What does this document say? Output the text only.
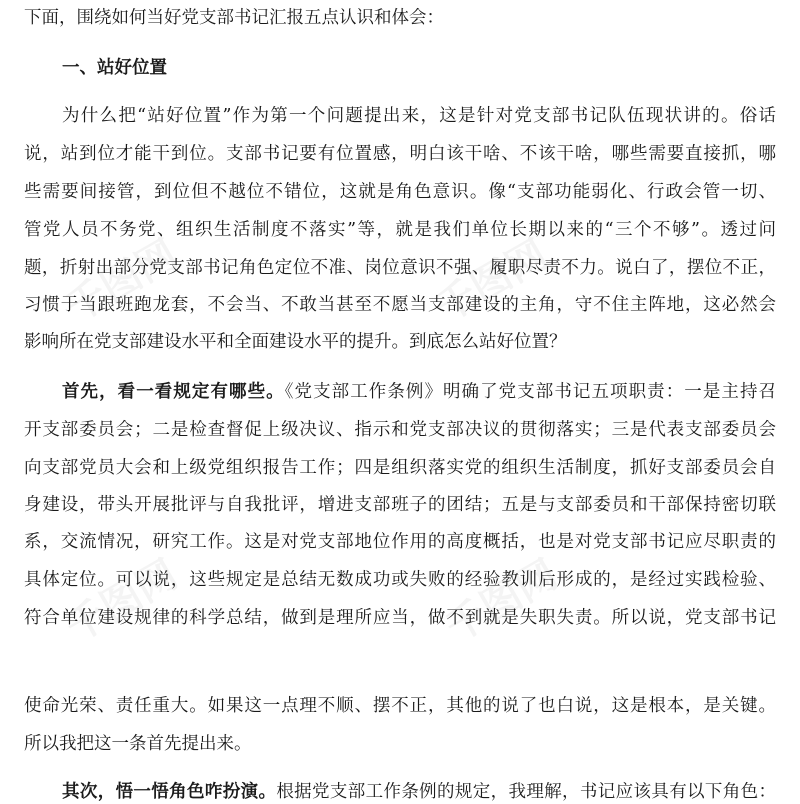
千图网	千图网
千图网	千图网
下面，围绕如何当好党支部书记汇报五点认识和体会：
一、站好位置
为什么把“站好位置”作为第一个问题提出来，这是针对党支部书记队伍现状讲的。俗话
说，站到位才能干到位。支部书记要有位置感，明白该干啥、不该干啥，哪些需要直接抓，哪
些需要间接管，到位但不越位不错位，这就是角色意识。像“支部功能弱化、行政会管一切、
管党人员不务党、组织生活制度不落实”等，就是我们单位长期以来的“三个不够”。透过问
题，折射出部分党支部书记角色定位不准、岗位意识不强、履职尽责不力。说白了，摆位不正，
习惯于当跟班跑龙套，不会当、不敢当甚至不愿当支部建设的主角，守不住主阵地，这必然会
影响所在党支部建设水平和全面建设水平的提升。到底怎么站好位置？
首先，看一看规定有哪些。《党支部工作条例》明确了党支部书记五项职责：一是主持召
开支部委员会；二是检查督促上级决议、指示和党支部决议的贯彻落实；三是代表支部委员会
向支部党员大会和上级党组织报告工作；四是组织落实党的组织生活制度，抓好支部委员会自
身建设，带头开展批评与自我批评，增进支部班子的团结；五是与支部委员和干部保持密切联
系，交流情况，研究工作。这是对党支部地位作用的高度概括，也是对党支部书记应尽职责的
具体定位。可以说，这些规定是总结无数成功或失败的经验教训后形成的，是经过实践检验、
符合单位建设规律的科学总结，做到是理所应当，做不到就是失职失责。所以说，党支部书记
使命光荣、责任重大。如果这一点理不顺、摆不正，其他的说了也白说，这是根本，是关键。
所以我把这一条首先提出来。
其次，悟一悟角色咋扮演。根据党支部工作条例的规定，我理解，书记应该具有以下角色：
